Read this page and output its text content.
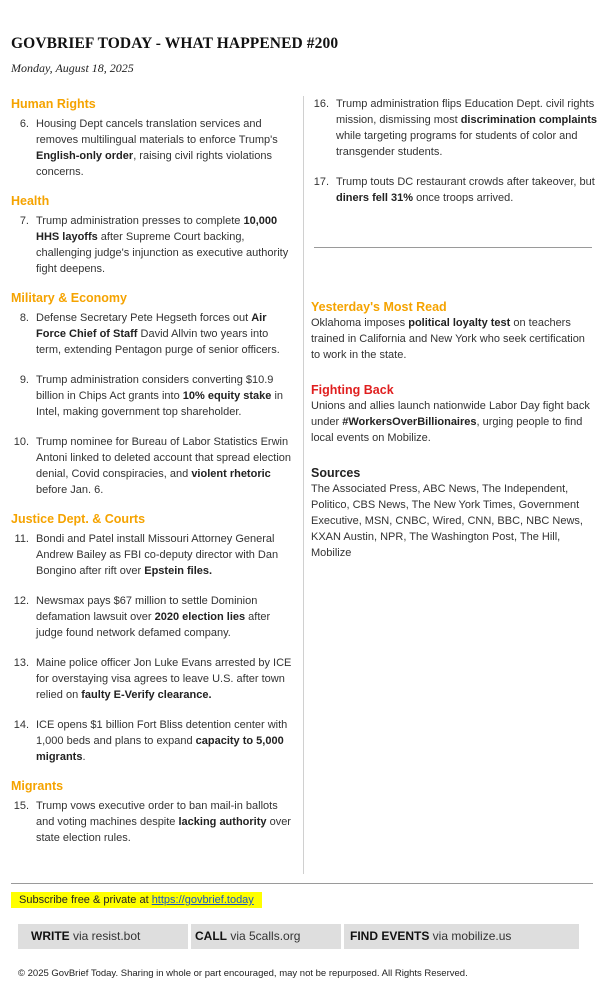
GOVBRIEF TODAY - WHAT HAPPENED #200
Monday, August 18, 2025
Human Rights
6. Housing Dept cancels translation services and removes multilingual materials to enforce Trump's English-only order, raising civil rights violations concerns.
Health
7. Trump administration presses to complete 10,000 HHS layoffs after Supreme Court backing, challenging judge's injunction as executive authority fight deepens.
Military & Economy
8. Defense Secretary Pete Hegseth forces out Air Force Chief of Staff David Allvin two years into term, extending Pentagon purge of senior officers.
9. Trump administration considers converting $10.9 billion in Chips Act grants into 10% equity stake in Intel, making government top shareholder.
10. Trump nominee for Bureau of Labor Statistics Erwin Antoni linked to deleted account that spread election denial, Covid conspiracies, and violent rhetoric before Jan. 6.
Justice Dept. & Courts
11. Bondi and Patel install Missouri Attorney General Andrew Bailey as FBI co-deputy director with Dan Bongino after rift over Epstein files.
12. Newsmax pays $67 million to settle Dominion defamation lawsuit over 2020 election lies after judge found network defamed company.
13. Maine police officer Jon Luke Evans arrested by ICE for overstaying visa agrees to leave U.S. after town relied on faulty E-Verify clearance.
14. ICE opens $1 billion Fort Bliss detention center with 1,000 beds and plans to expand capacity to 5,000 migrants.
Migrants
15. Trump vows executive order to ban mail-in ballots and voting machines despite lacking authority over state election rules.
16. Trump administration flips Education Dept. civil rights mission, dismissing most discrimination complaints while targeting programs for students of color and transgender students.
17. Trump touts DC restaurant crowds after takeover, but diners fell 31% once troops arrived.
Yesterday's Most Read

Oklahoma imposes political loyalty test on teachers trained in California and New York who seek certification to work in the state.

Fighting Back

Unions and allies launch nationwide Labor Day fight back under #WorkersOverBillionaires, urging people to find local events on Mobilize.

Sources

The Associated Press, ABC News, The Independent, Politico, CBS News, The New York Times, Government Executive, MSN, CNBC, Wired, CNN, BBC, NBC News, KXAN Austin, NPR, The Washington Post, The Hill, Mobilize

Subscribe free & private at https://govbrief.today
WRITE via resist.bot	CALL via 5calls.org	FIND EVENTS via mobilize.us
© 2025 GovBrief Today. Sharing in whole or part encouraged, may not be repurposed. All Rights Reserved.
